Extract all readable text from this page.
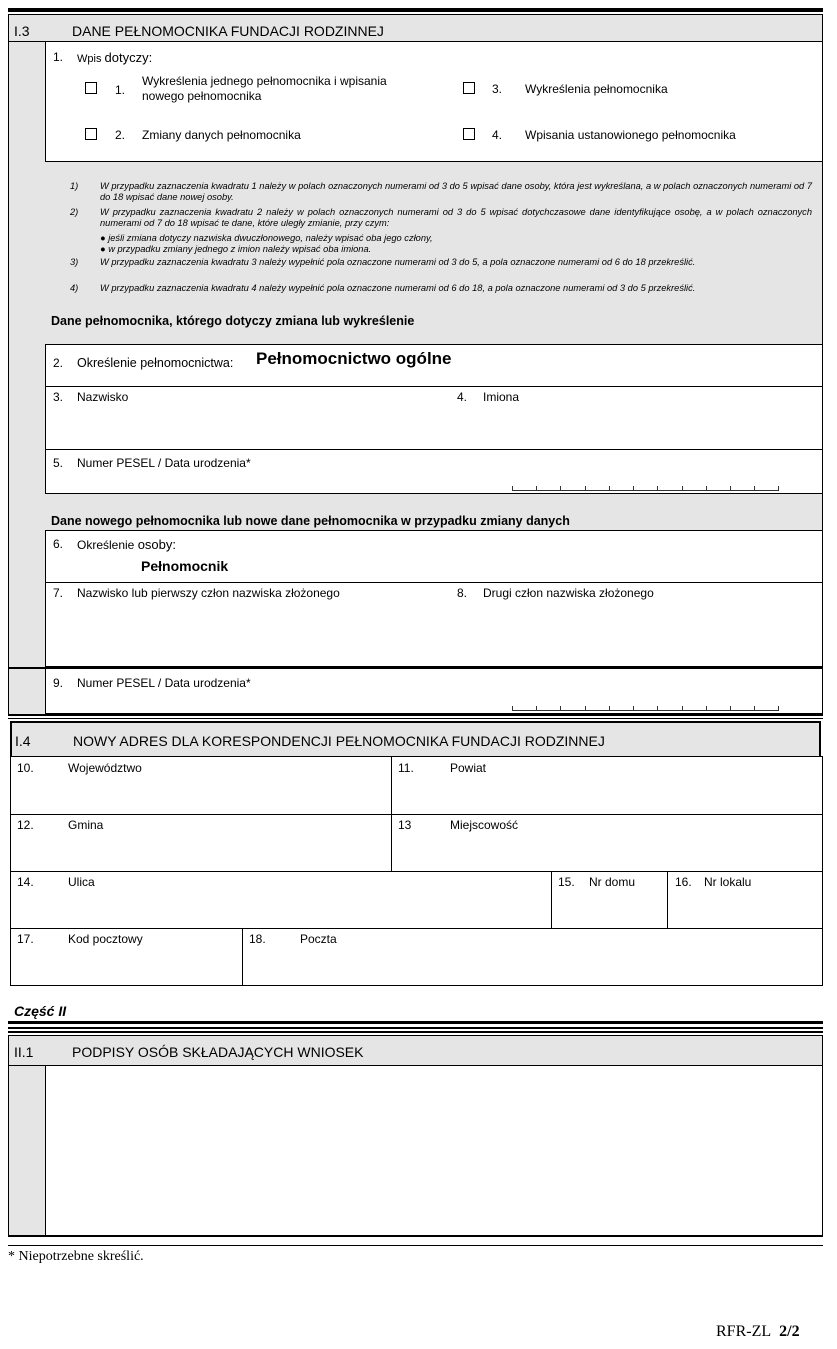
I.3	DANE PEŁNOMOCNIKA FUNDACJI RODZINNEJ
1. Wpis dotyczy:
1.
Wykreślenia jednego pełnomocnika i wpisania
nowego pełnomocnika
2. Zmiany danych pełnomocnika
3. Wykreślenia pełnomocnika
4. Wpisania ustanowionego pełnomocnika
1) W przypadku zaznaczenia kwadratu 1 należy w polach oznaczonych numerami od 3 do 5 wpisać dane osoby, która jest wykreślana, a w polach oznaczonych numerami od 7 do 18 wpisać dane nowej osoby.
2) W przypadku zaznaczenia kwadratu 2 należy w polach oznaczonych numerami od 3 do 5 wpisać dotychczasowe dane identyfikujące osobę, a w polach oznaczonych numerami od 7 do 18 wpisać te dane, które uległy zmianie, przy czym:
● jeśli zmiana dotyczy nazwiska dwuczłonowego, należy wpisać oba jego człony,
● w przypadku zmiany jednego z imion należy wpisać oba imiona.
3) W przypadku zaznaczenia kwadratu 3 należy wypełnić pola oznaczone numerami od 3 do 5, a pola oznaczone numerami od 6 do 18 przekreślić.
4) W przypadku zaznaczenia kwadratu 4 należy wypełnić pola oznaczone numerami od 6 do 18, a pola oznaczone numerami od 3 do 5 przekreślić.
Dane pełnomocnika, którego dotyczy zmiana lub wykreślenie
2. Określenie pełnomocnictwa: Pełnomocnictwo ogólne
3. Nazwisko	4. Imiona
5. Numer PESEL / Data urodzenia*
Dane nowego pełnomocnika lub nowe dane pełnomocnika w przypadku zmiany danych
6. Określenie osoby:
Pełnomocnik
7. Nazwisko lub pierwszy człon nazwiska złożonego	8. Drugi człon nazwiska złożonego
9. Numer PESEL / Data urodzenia*
I.4	NOWY ADRES DLA KORESPONDENCJI PEŁNOMOCNIKA FUNDACJI RODZINNEJ
10.	Województwo	11.	Powiat
12.	Gmina	13	Miejscowość
14.	Ulica	15. Nr domu	16. Nr lokalu
17.	Kod pocztowy	18.	Poczta
Część II
II.1	PODPISY OSÓB SKŁADAJĄCYCH WNIOSEK
* Niepotrzebne skreślić.
RFR-ZL 2/2
